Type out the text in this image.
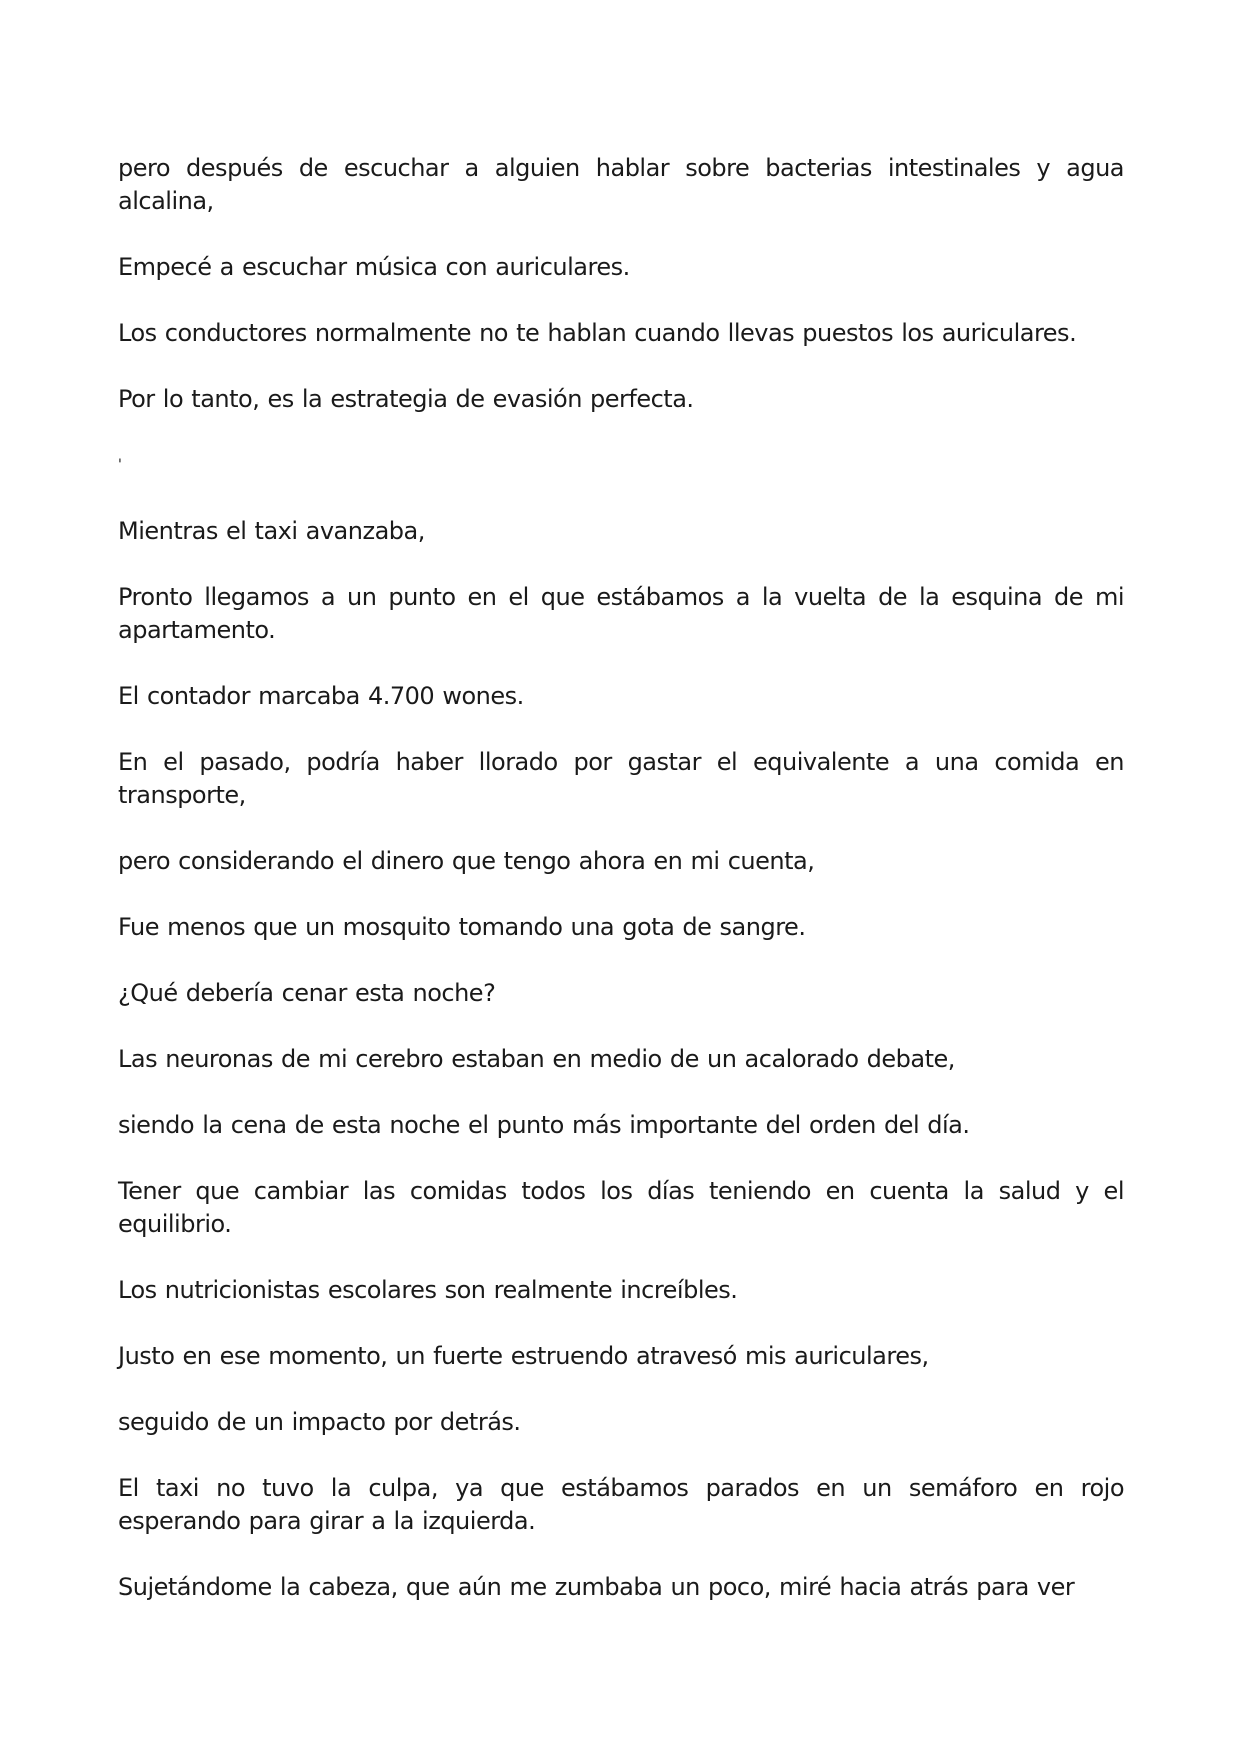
pero después de escuchar a alguien hablar sobre bacterias intestinales y agua alcalina,

Empecé a escuchar música con auriculares.

Los conductores normalmente no te hablan cuando llevas puestos los auriculares.

Por lo tanto, es la estrategia de evasión perfecta.

'

Mientras el taxi avanzaba,

Pronto llegamos a un punto en el que estábamos a la vuelta de la esquina de mi apartamento.

El contador marcaba 4.700 wones.

En el pasado, podría haber llorado por gastar el equivalente a una comida en transporte,

pero considerando el dinero que tengo ahora en mi cuenta,

Fue menos que un mosquito tomando una gota de sangre.

¿Qué debería cenar esta noche?

Las neuronas de mi cerebro estaban en medio de un acalorado debate,

siendo la cena de esta noche el punto más importante del orden del día.

Tener que cambiar las comidas todos los días teniendo en cuenta la salud y el equilibrio.

Los nutricionistas escolares son realmente increíbles.

Justo en ese momento, un fuerte estruendo atravesó mis auriculares,

seguido de un impacto por detrás.

El taxi no tuvo la culpa, ya que estábamos parados en un semáforo en rojo esperando para girar a la izquierda.

Sujetándome la cabeza, que aún me zumbaba un poco, miré hacia atrás para ver
